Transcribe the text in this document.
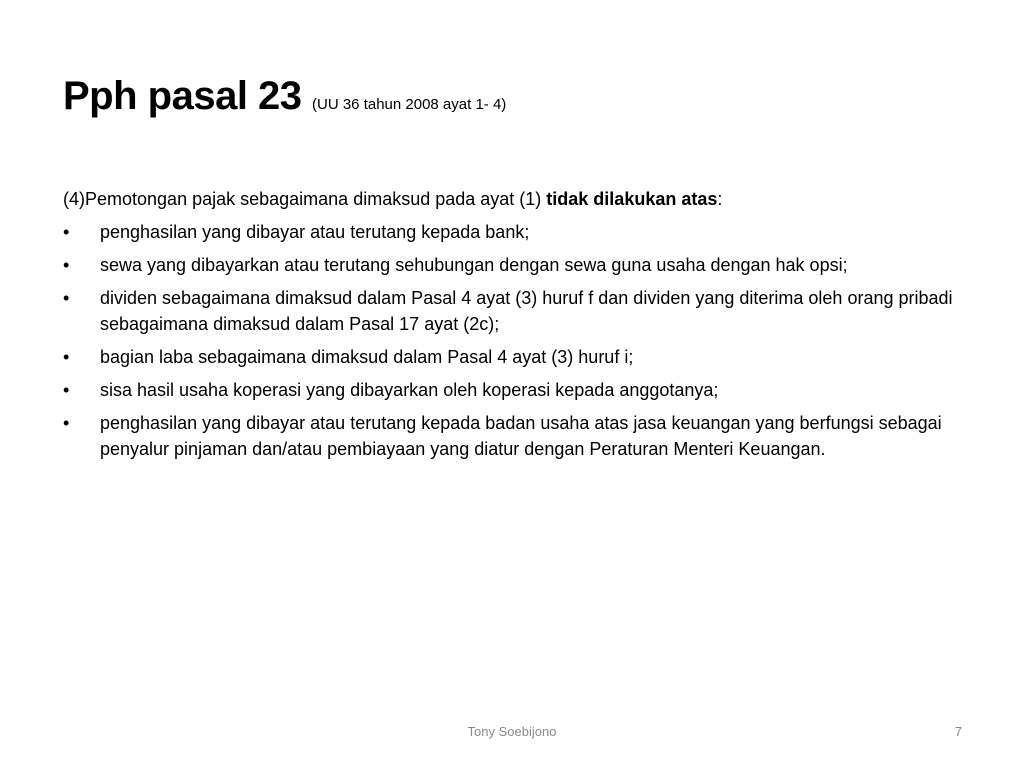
Pph pasal 23 (UU 36 tahun 2008 ayat 1- 4)
(4)Pemotongan pajak sebagaimana dimaksud pada ayat (1) tidak dilakukan atas:
•	penghasilan yang dibayar atau terutang kepada bank;
•	sewa yang dibayarkan atau terutang sehubungan dengan sewa guna usaha dengan hak opsi;
•	dividen sebagaimana dimaksud dalam Pasal 4 ayat (3) huruf f dan dividen yang diterima oleh orang pribadi sebagaimana dimaksud dalam Pasal 17 ayat (2c);
•	bagian laba sebagaimana dimaksud dalam Pasal 4 ayat (3) huruf i;
•	sisa hasil usaha koperasi yang dibayarkan oleh koperasi kepada anggotanya;
•	penghasilan yang dibayar atau terutang kepada badan usaha atas jasa keuangan yang berfungsi sebagai penyalur pinjaman dan/atau pembiayaan yang diatur dengan Peraturan Menteri Keuangan.
Tony Soebijono	7
